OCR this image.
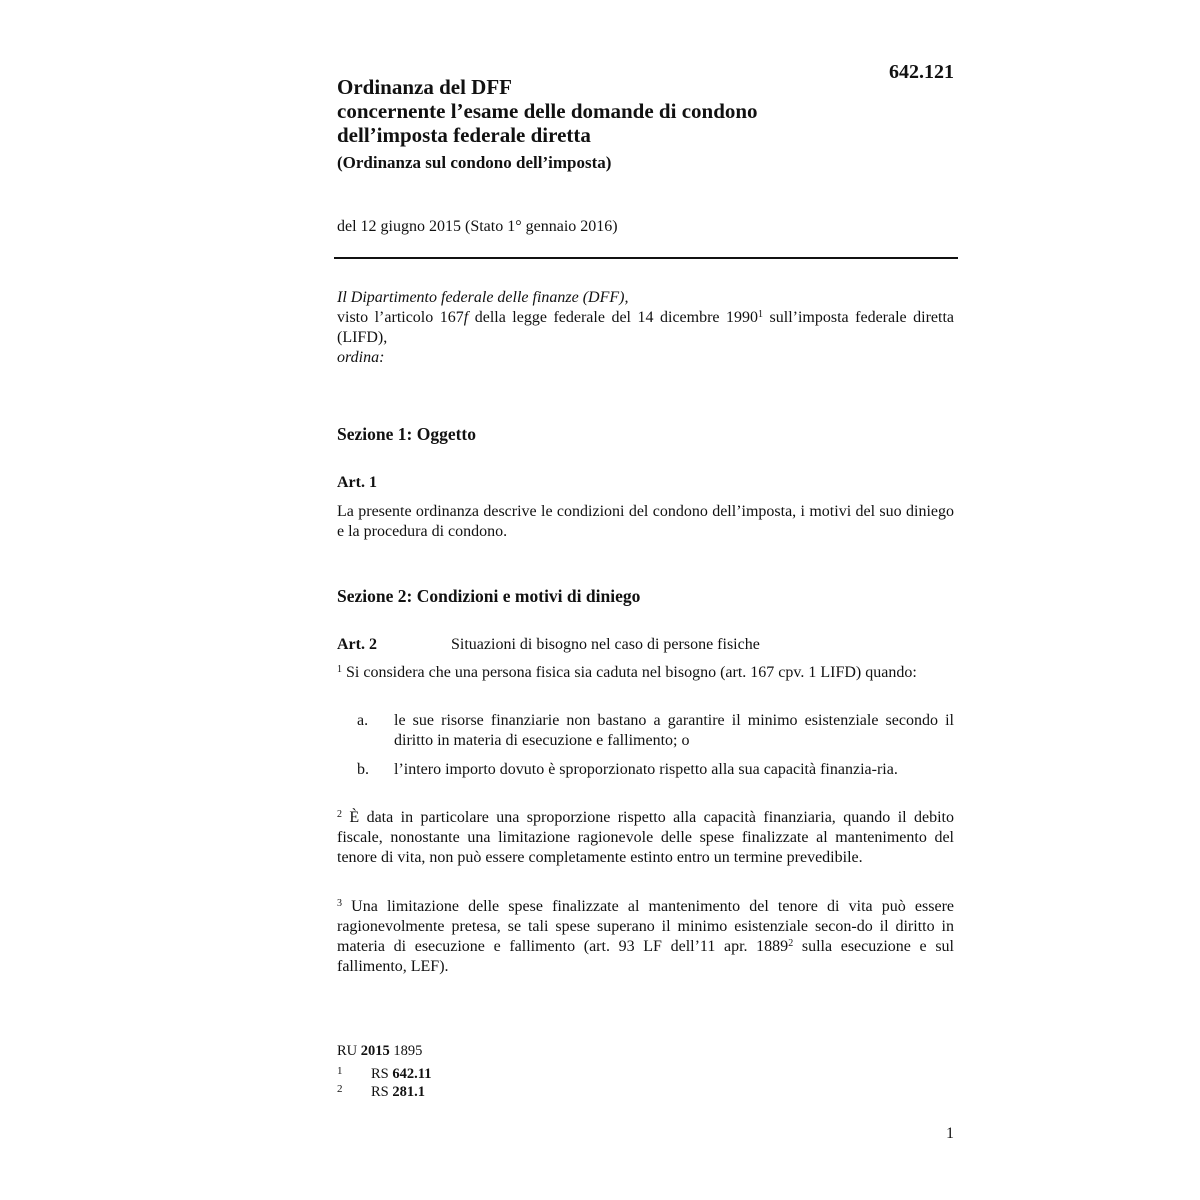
642.121
Ordinanza del DFF
concernente l’esame delle domande di condono
dell’imposta federale diretta
(Ordinanza sul condono dell’imposta)
del 12 giugno 2015 (Stato 1° gennaio 2016)

Il Dipartimento federale delle finanze (DFF),

visto l’articolo 167f della legge federale del 14 dicembre 1990$^1$ sull’imposta federale diretta (LIFD),

ordina:

Sezione 1: Oggetto
Art. 1
La presente ordinanza descrive le condizioni del condono dell’imposta, i motivi del suo diniego e la procedura di condono.
Sezione 2: Condizioni e motivi di diniego
Art. 2	Situazioni di bisogno nel caso di persone fisiche
$^1$ Si considera che una persona fisica sia caduta nel bisogno (art. 167 cpv. 1 LIFD) quando:
a. le sue risorse finanziarie non bastano a garantire il minimo esistenziale secondo il diritto in materia di esecuzione e fallimento; o
b. l’intero importo dovuto è sproporzionato rispetto alla sua capacità finanzia-ria.
$^2$ È data in particolare una sproporzione rispetto alla capacità finanziaria, quando il debito fiscale, nonostante una limitazione ragionevole delle spese finalizzate al mantenimento del tenore di vita, non può essere completamente estinto entro un termine prevedibile.
$^3$ Una limitazione delle spese finalizzate al mantenimento del tenore di vita può essere ragionevolmente pretesa, se tali spese superano il minimo esistenziale secon-do il diritto in materia di esecuzione e fallimento (art. 93 LF dell’11 apr. 1889$^2$ sulla esecuzione e sul fallimento, LEF).
RU 2015 1895
1 RS 642.11
2 RS 281.1
1
